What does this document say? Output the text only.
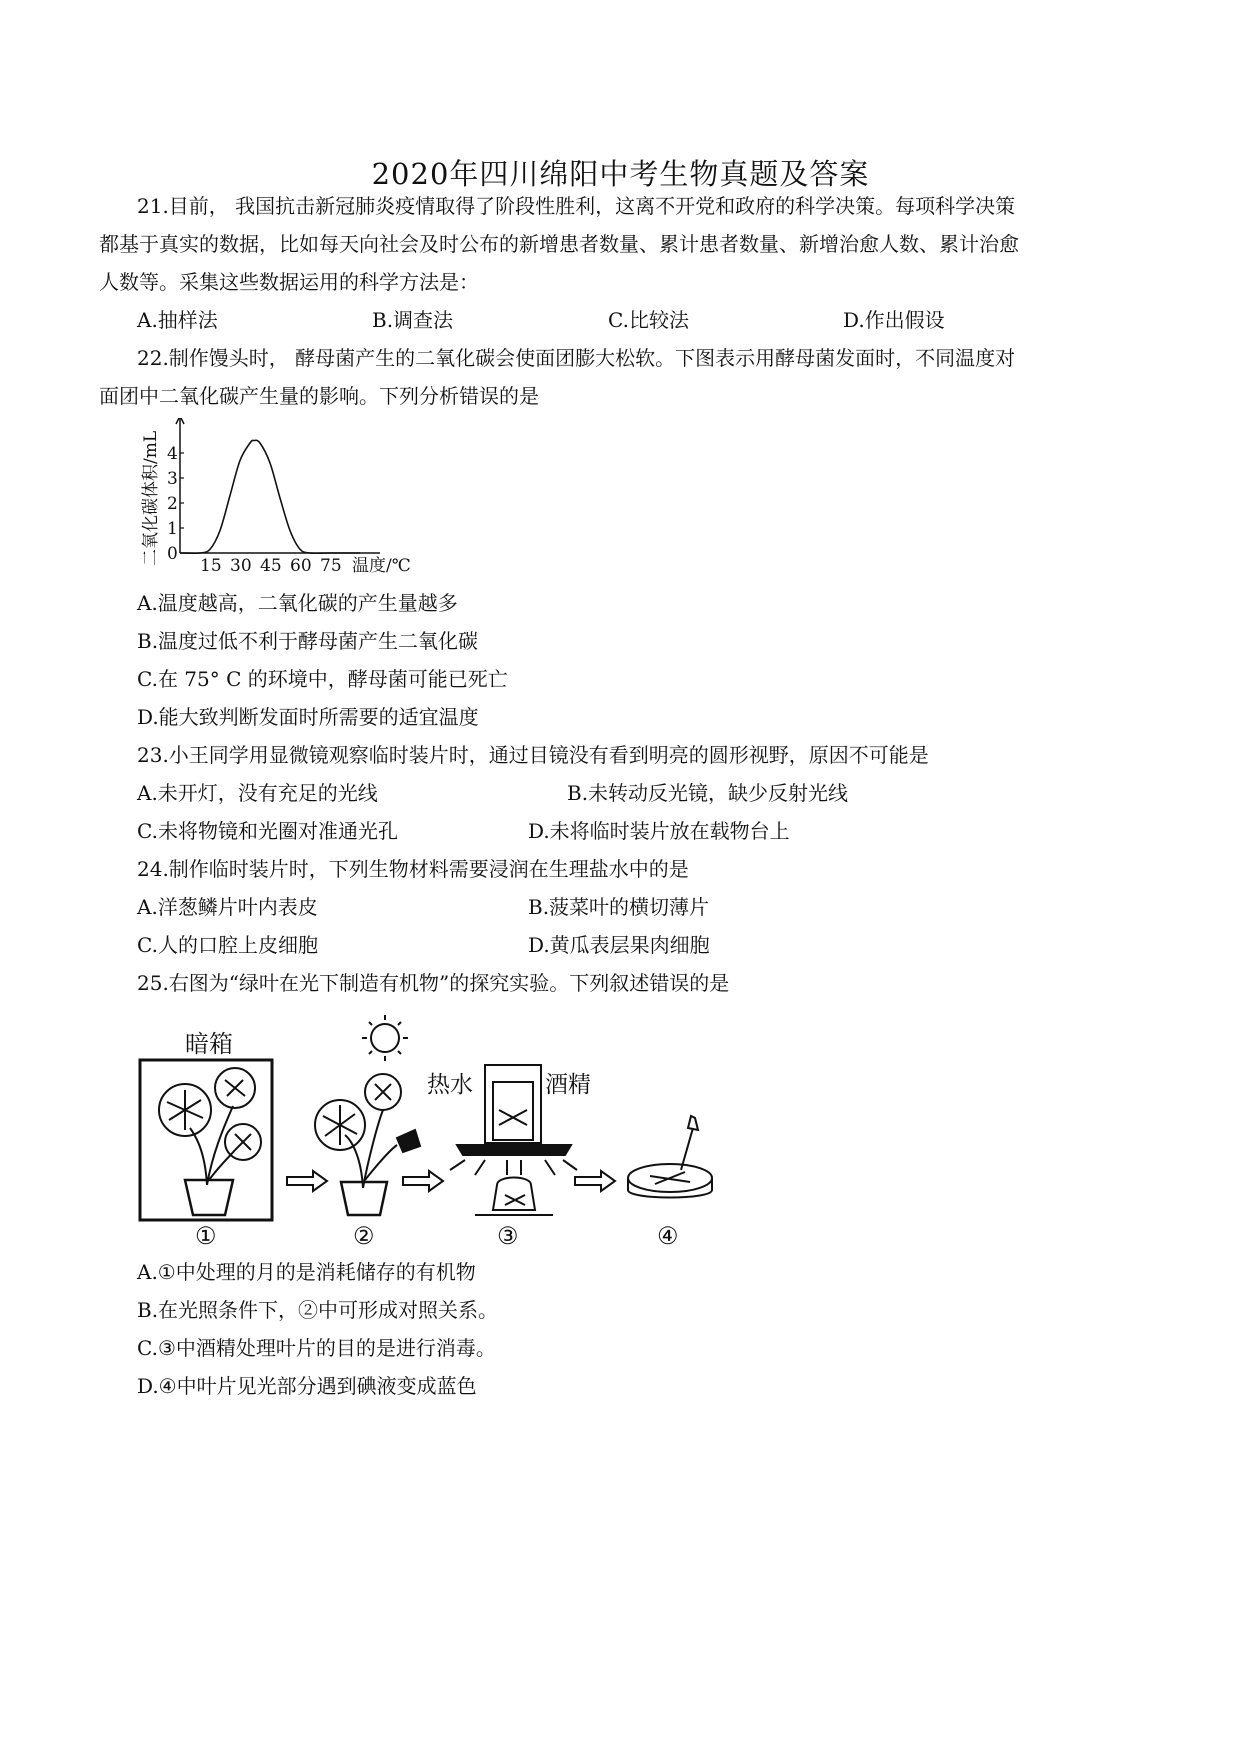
2020年四川绵阳中考生物真题及答案
21.目前， 我国抗击新冠肺炎疫情取得了阶段性胜利，这离不开党和政府的科学决策。每项科学决策
都基于真实的数据，比如每天向社会及时公布的新增患者数量、累计患者数量、新增治愈人数、累计治愈
人数等。采集这些数据运用的科学方法是：
A.抽样法	B.调查法	C.比较法	D.作出假设
22.制作馒头时， 酵母菌产生的二氧化碳会使面团膨大松软。下图表示用酵母菌发面时，不同温度对
面团中二氧化碳产生量的影响。下列分析错误的是
0
1
2
3
4
15 30 45 60 75
二氧化碳体积/mL	温度/℃
A.温度越高，二氧化碳的产生量越多
B.温度过低不利于酵母菌产生二氧化碳
C.在 75° C 的环境中，酵母菌可能已死亡
D.能大致判断发面时所需要的适宜温度
23.小王同学用显微镜观察临时装片时，通过目镜没有看到明亮的圆形视野，原因不可能是
A.未开灯，没有充足的光线	B.未转动反光镜，缺少反射光线
C.未将物镜和光圈对准通光孔	D.未将临时装片放在载物台上
24.制作临时装片时，下列生物材料需要浸润在生理盐水中的是
A.洋葱鳞片叶内表皮	B.菠菜叶的横切薄片
C.人的口腔上皮细胞	D.黄瓜表层果肉细胞
25.右图为“绿叶在光下制造有机物”的探究实验。下列叙述错误的是
暗箱
①	②
热水	酒精
③	④
A.①中处理的月的是消耗储存的有机物
B.在光照条件下，②中可形成对照关系。
C.③中酒精处理叶片的目的是进行消毒。
D.④中叶片见光部分遇到碘液变成蓝色
